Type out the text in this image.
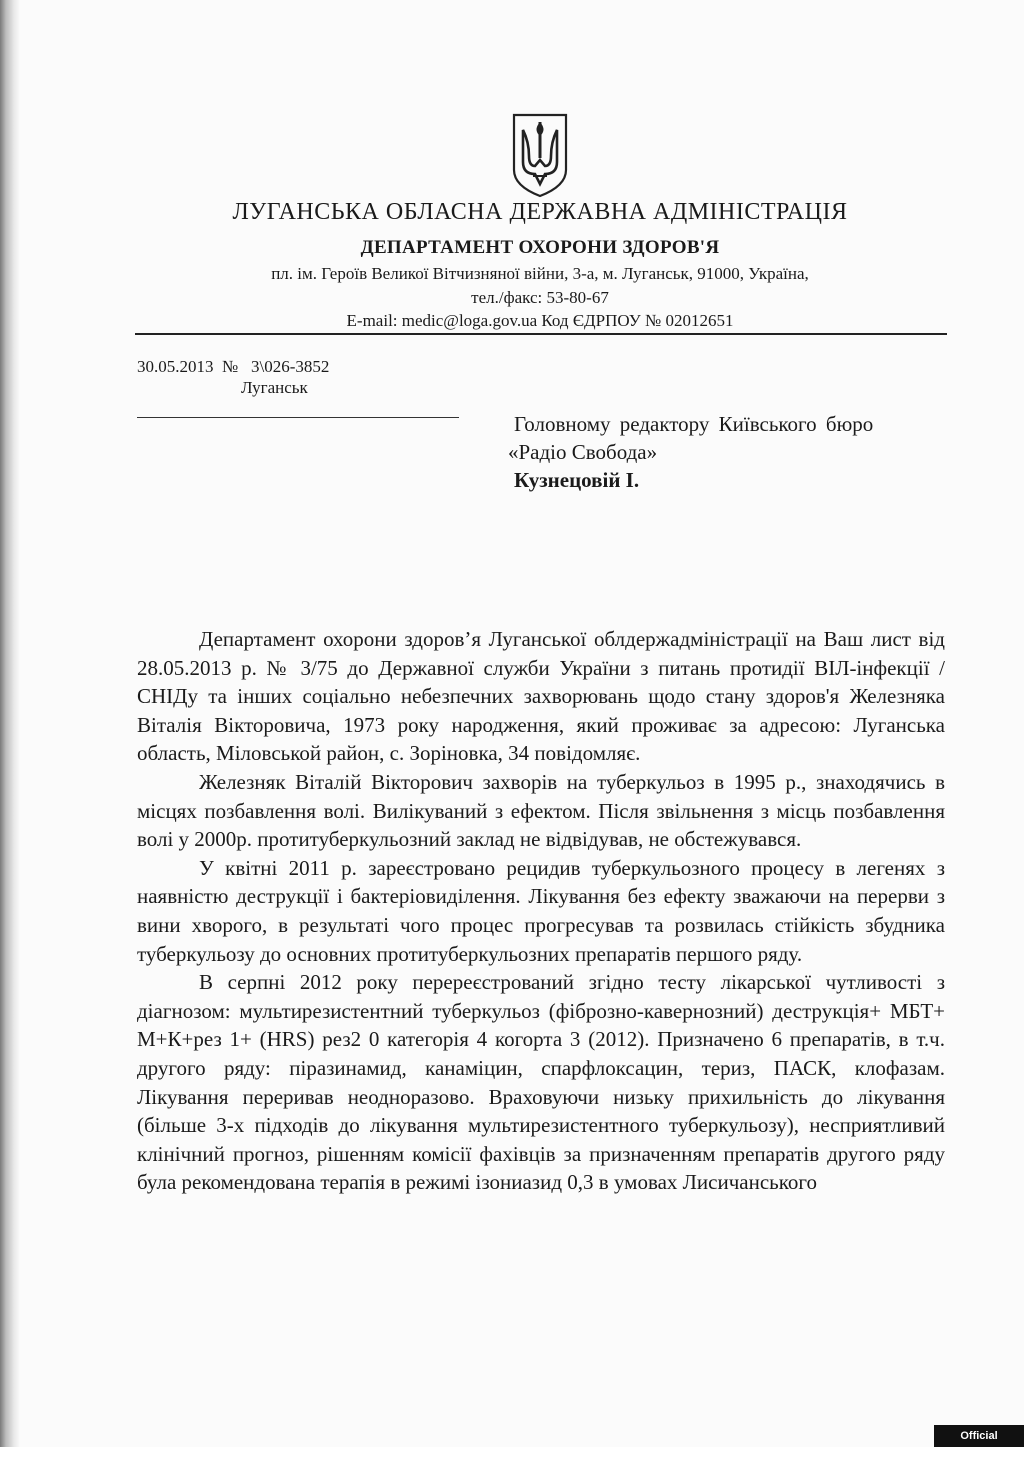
ЛУГАНСЬКА ОБЛАСНА ДЕРЖАВНА АДМІНІСТРАЦІЯ
ДЕПАРТАМЕНТ ОХОРОНИ ЗДОРОВ'Я
пл. ім. Героїв Великої Вітчизняної війни, 3-а, м. Луганськ, 91000, Україна,
тел./факс: 53-80-67
E-mail: medic@loga.gov.ua Код ЄДРПОУ № 02012651
30.05.2013  №   3\026-3852
Луганськ
Головному редактору Київського бюро
«Радіо Свобода»
Кузнецовій І.

Департамент охорони здоров’я Луганської облдержадміністрації на Ваш лист від 28.05.2013 р. № 3/75 до Державної служби України з питань протидії ВІЛ-інфекції / СНІДу та інших соціально небезпечних захворювань щодо стану здоров'я Железняка Віталія Вікторовича, 1973 року народження, який проживає за адресою: Луганська область, Міловськой район, с. Зоріновка, 34 повідомляє.

Железняк Віталій Вікторович захворів на туберкульоз в 1995 р., знаходячись в місцях позбавлення волі. Вилікуваний з ефектом. Після звільнення з місць позбавлення волі у 2000р. протитуберкульозний заклад не відвідував, не обстежувався.

У квітні 2011 р. зареєстровано рецидив туберкульозного процесу в легенях з наявністю деструкції і бактеріовиділення. Лікування без ефекту зважаючи на перерви з вини хворого, в результаті чого процес прогресував та розвилась стійкість збудника туберкульозу до основних протитуберкульозних препаратів першого ряду.

В серпні 2012 року перереєстрований згідно тесту лікарської чутливості з діагнозом: мультирезистентний туберкульоз (фіброзно-кавернозний) деструкція+ МБТ+ М+К+рез 1+ (HRS) рез2 0 категорія 4 когорта 3 (2012). Призначено 6 препаратів, в т.ч. другого ряду: піразинамид, канаміцин, спарфлоксацин, териз, ПАСК, клофазам. Лікування переривав неодноразово. Враховуючи низьку прихильність до лікування (більше 3-х підходів до лікування мультирезистентного туберкульозу), несприятливий клінічний прогноз, рішенням комісії фахівців за призначенням препаратів другого ряду була рекомендована терапія в режимі ізониазид 0,3 в умовах Лисичанського

Official publication
